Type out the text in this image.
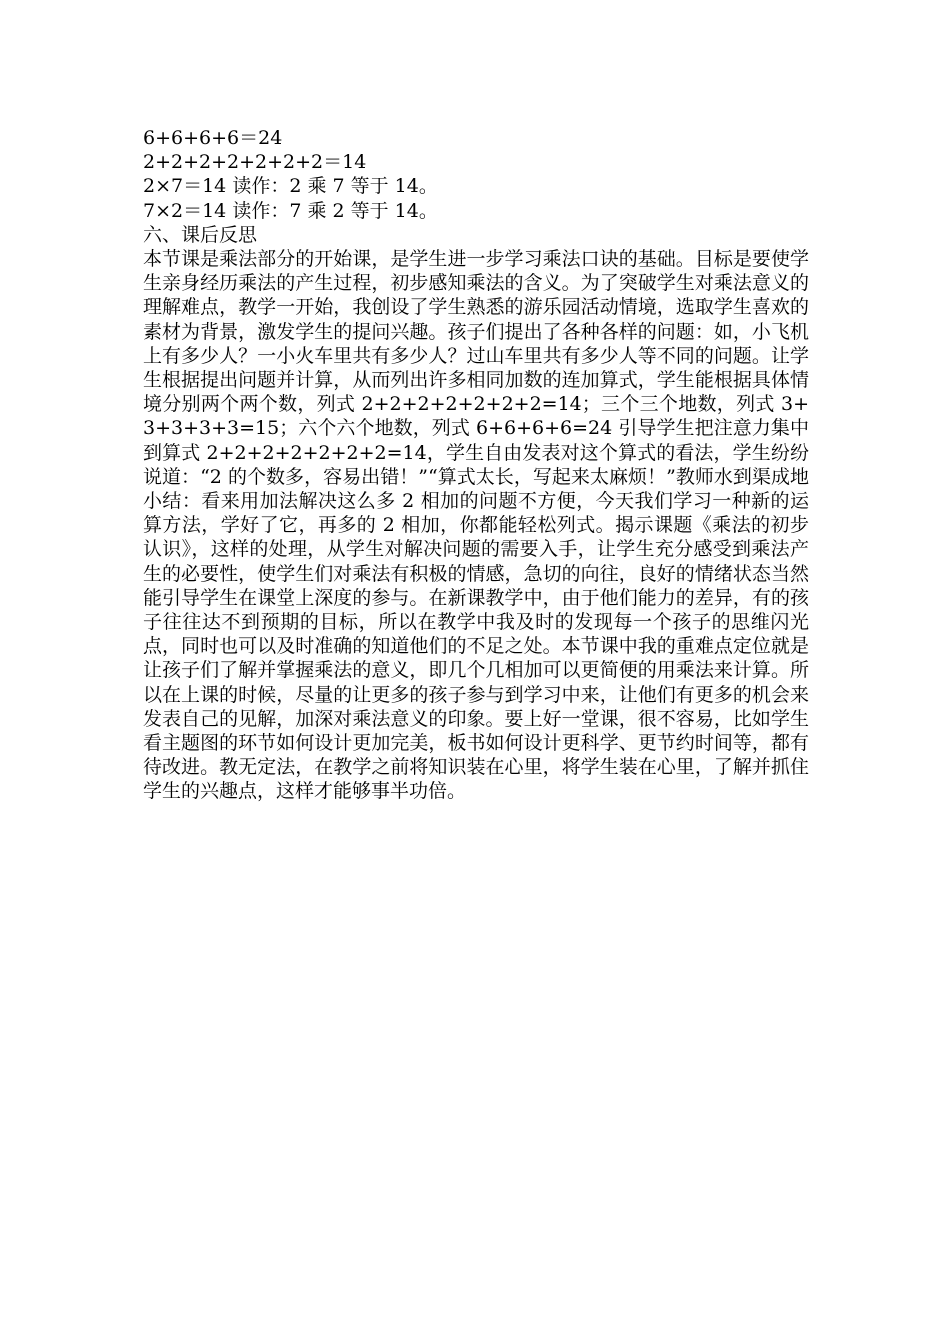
6+6+6+6＝24

2+2+2+2+2+2+2＝14

2×7＝14 读作：2 乘 7 等于 14。

7×2＝14 读作：7 乘 2 等于 14。

六、课后反思

本节课是乘法部分的开始课，是学生进一步学习乘法口诀的基础。目标是要使学生亲身经历乘法的产生过程，初步感知乘法的含义。为了突破学生对乘法意义的理解难点，教学一开始，我创设了学生熟悉的游乐园活动情境，选取学生喜欢的素材为背景，激发学生的提问兴趣。孩子们提出了各种各样的问题：如，小飞机上有多少人？一小火车里共有多少人？过山车里共有多少人等不同的问题。让学生根据提出问题并计算，从而列出许多相同加数的连加算式，学生能根据具体情境分别两个两个数，列式 2+2+2+2+2+2+2=14；三个三个地数，列式 3+3+3+3+3=15；六个六个地数，列式 6+6+6+6=24 引导学生把注意力集中到算式 2+2+2+2+2+2+2=14，学生自由发表对这个算式的看法，学生纷纷说道：“2 的个数多，容易出错！”“算式太长，写起来太麻烦！”教师水到渠成地小结：看来用加法解决这么多 2 相加的问题不方便，今天我们学习一种新的运算方法，学好了它，再多的 2 相加，你都能轻松列式。揭示课题《乘法的初步认识》，这样的处理，从学生对解决问题的需要入手，让学生充分感受到乘法产生的必要性，使学生们对乘法有积极的情感，急切的向往，良好的情绪状态当然能引导学生在课堂上深度的参与。在新课教学中，由于他们能力的差异，有的孩子往往达不到预期的目标，所以在教学中我及时的发现每一个孩子的思维闪光点，同时也可以及时准确的知道他们的不足之处。本节课中我的重难点定位就是让孩子们了解并掌握乘法的意义，即几个几相加可以更简便的用乘法来计算。所以在上课的时候，尽量的让更多的孩子参与到学习中来，让他们有更多的机会来发表自己的见解，加深对乘法意义的印象。要上好一堂课，很不容易，比如学生看主题图的环节如何设计更加完美，板书如何设计更科学、更节约时间等，都有待改进。教无定法，在教学之前将知识装在心里，将学生装在心里，了解并抓住学生的兴趣点，这样才能够事半功倍。
